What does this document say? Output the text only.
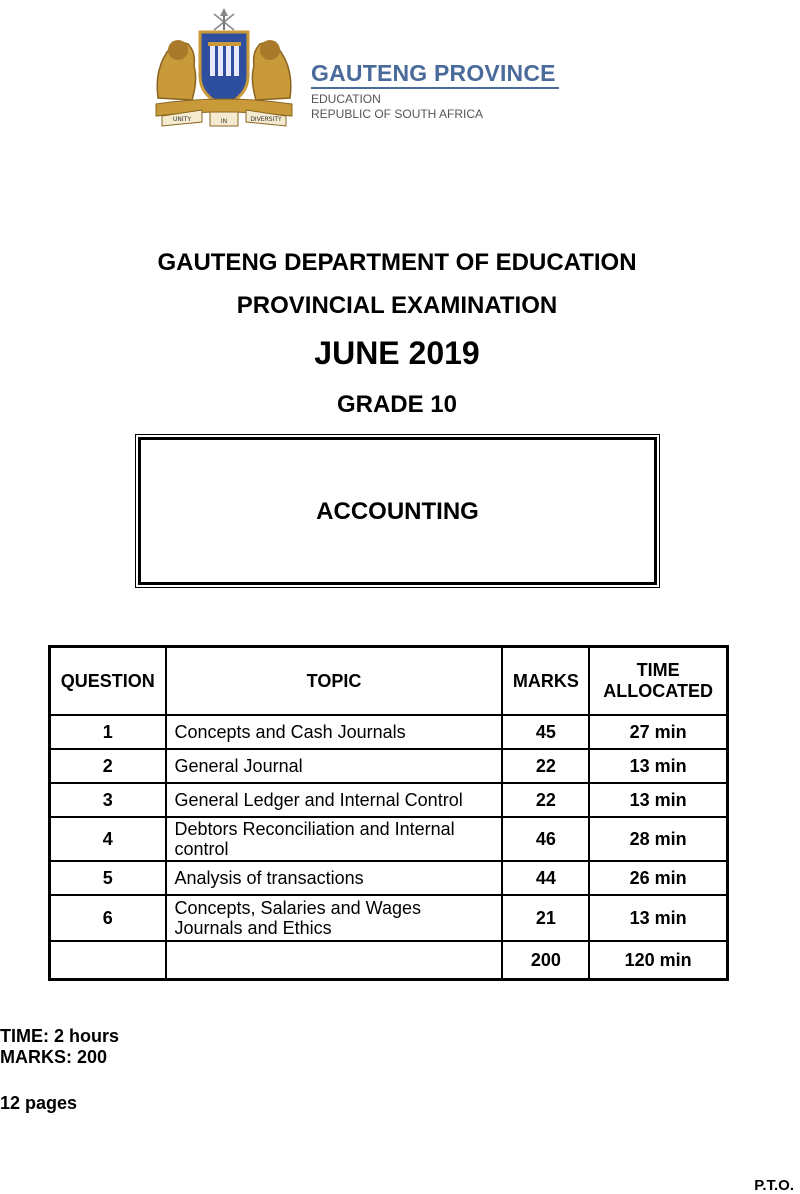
UNITY	IN	DIVERSITY
GAUTENG PROVINCE
EDUCATION
REPUBLIC OF SOUTH AFRICA
GAUTENG DEPARTMENT OF EDUCATION
PROVINCIAL EXAMINATION
JUNE 2019
GRADE 10
ACCOUNTING
QUESTION	TOPIC	MARKS	TIME
ALLOCATED
1	Concepts and Cash Journals	45	27 min
2	General Journal	22	13 min
3	General Ledger and Internal Control	22	13 min
4	Debtors Reconciliation and Internal
control	46	28 min
5	Analysis of transactions	44	26 min
6	Concepts, Salaries and Wages
Journals and Ethics	21	13 min
		200	120 min
TIME: 2 hours
MARKS: 200
12 pages
P.T.O.
